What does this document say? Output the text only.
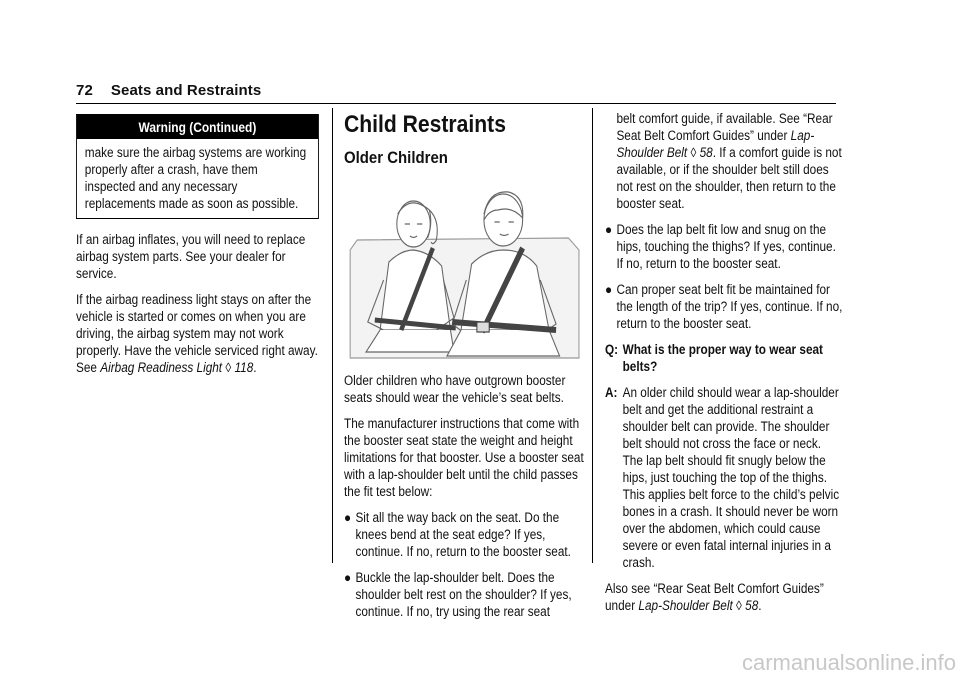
72 Seats and Restraints
Warning (Continued)
make sure the airbag systems are working properly after a crash, have them inspected and any necessary replacements made as soon as possible.

If an airbag inflates, you will need to replace airbag system parts. See your dealer for service.

If the airbag readiness light stays on after the vehicle is started or comes on when you are driving, the airbag system may not work properly. Have the vehicle serviced right away. See Airbag Readiness Light ◊ 118.

Child Restraints
Older Children

Older children who have outgrown booster seats should wear the vehicle’s seat belts.

The manufacturer instructions that come with the booster seat state the weight and height limitations for that booster. Use a booster seat with a lap-shoulder belt until the child passes the fit test below:

● Sit all the way back on the seat. Do the knees bend at the seat edge? If yes, continue. If no, return to the booster seat.
● Buckle the lap-shoulder belt. Does the shoulder belt rest on the shoulder? If yes, continue. If no, try using the rear seat

belt comfort guide, if available. See “Rear Seat Belt Comfort Guides” under Lap-Shoulder Belt ◊ 58. If a comfort guide is not available, or if the shoulder belt still does not rest on the shoulder, then return to the booster seat.

● Does the lap belt fit low and snug on the hips, touching the thighs? If yes, continue. If no, return to the booster seat.
● Can proper seat belt fit be maintained for the length of the trip? If yes, continue. If no, return to the booster seat.
Q: What is the proper way to wear seat belts?
A: An older child should wear a lap-shoulder belt and get the additional restraint a shoulder belt can provide. The shoulder belt should not cross the face or neck. The lap belt should fit snugly below the hips, just touching the top of the thighs. This applies belt force to the child’s pelvic bones in a crash. It should never be worn over the abdomen, which could cause severe or even fatal internal injuries in a crash.

Also see “Rear Seat Belt Comfort Guides” under Lap-Shoulder Belt ◊ 58.

carmanualsonline.info
